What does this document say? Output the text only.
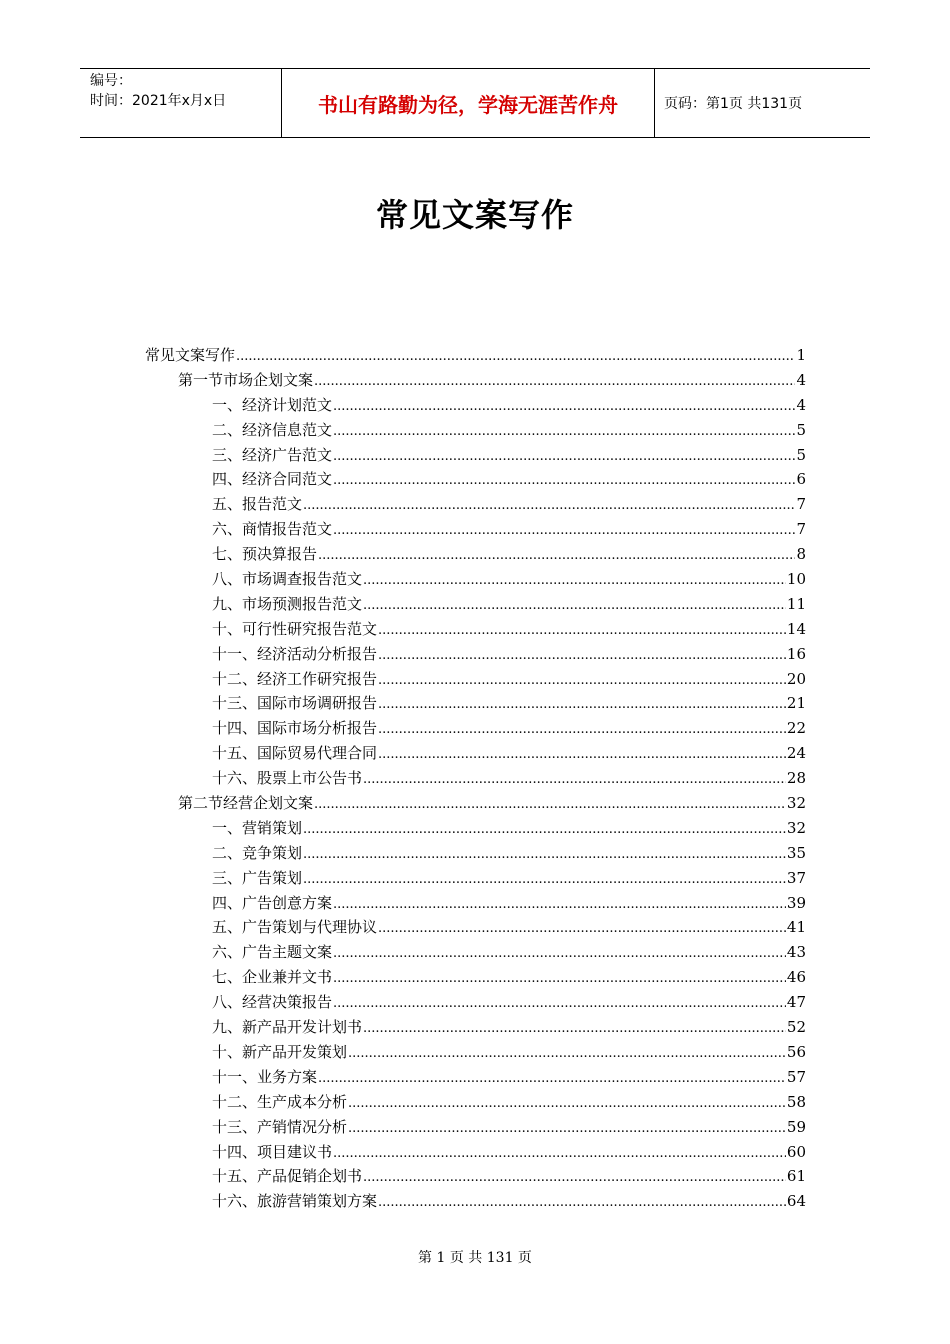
编号：
时间：2021年x月x日	书山有路勤为径，学海无涯苦作舟	页码：第1页 共131页
常见文案写作
常见文案写作 .....	1
第一节市场企划文案 .....	4
一、经济计划范文 .....	4
二、经济信息范文 .....	5
三、经济广告范文 .....	5
四、经济合同范文 .....	6
五、报告范文 .....	7
六、商情报告范文 .....	7
七、预决算报告 .....	8
八、市场调查报告范文 .....	10
九、市场预测报告范文 .....	11
十、可行性研究报告范文 .....	14
十一、经济活动分析报告 .....	16
十二、经济工作研究报告 .....	20
十三、国际市场调研报告 .....	21
十四、国际市场分析报告 .....	22
十五、国际贸易代理合同 .....	24
十六、股票上市公告书 .....	28
第二节经营企划文案 .....	32
一、营销策划 .....	32
二、竞争策划 .....	35
三、广告策划 .....	37
四、广告创意方案 .....	39
五、广告策划与代理协议 .....	41
六、广告主题文案 .....	43
七、企业兼并文书 .....	46
八、经营决策报告 .....	47
九、新产品开发计划书 .....	52
十、新产品开发策划 .....	56
十一、业务方案 .....	57
十二、生产成本分析 .....	58
十三、产销情况分析 .....	59
十四、项目建议书 .....	60
十五、产品促销企划书 .....	61
十六、旅游营销策划方案 .....	64
第 1 页 共 131 页
